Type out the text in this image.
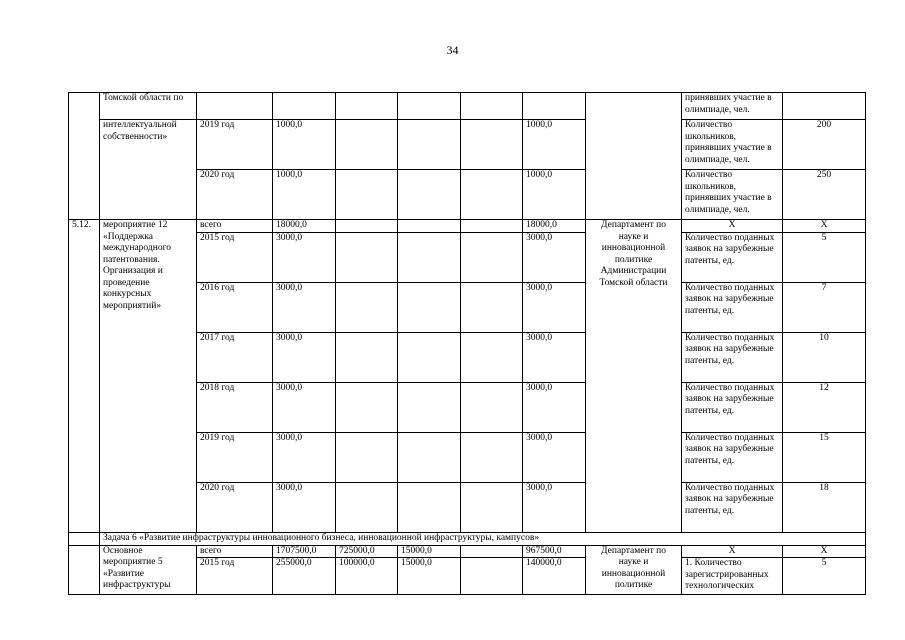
34
	Томской области по								принявших участие в олимпиаде, чел.	
	интеллектуальной собственности»	2019 год	1000,0				1000,0		Количество школьников, принявших участие в олимпиаде, чел.	200
		2020 год	1000,0				1000,0		Количество школьников, принявших участие в олимпиаде, чел.	250
5.12.	мероприятие 12 «Поддержка международного патентования. Организация и проведение конкурсных мероприятий»	всего	18000,0				18000,0	Департамент по науке и инновационной политике Администрации Томской области	Х	Х
		2015 год	3000,0				3000,0		Количество поданных заявок на зарубежные патенты, ед.	5
		2016 год	3000,0				3000,0		Количество поданных заявок на зарубежные патенты, ед.	7
		2017 год	3000,0				3000,0		Количество поданных заявок на зарубежные патенты, ед.	10
		2018 год	3000,0				3000,0		Количество поданных заявок на зарубежные патенты, ед.	12
		2019 год	3000,0				3000,0		Количество поданных заявок на зарубежные патенты, ед.	15
		2020 год	3000,0				3000,0		Количество поданных заявок на зарубежные патенты, ед.	18
	Задача 6 «Развитие инфраструктуры инновационного бизнеса, инновационной инфраструктуры, кампусов»									
	Основное мероприятие 5 «Развитие инфраструктуры	всего	1707500,0	725000,0	15000,0		967500,0	Департамент по науке и инновационной политике	Х	Х
		2015 год	255000,0	100000,0	15000,0		140000,0		1. Количество зарегистрированных технологических	5
